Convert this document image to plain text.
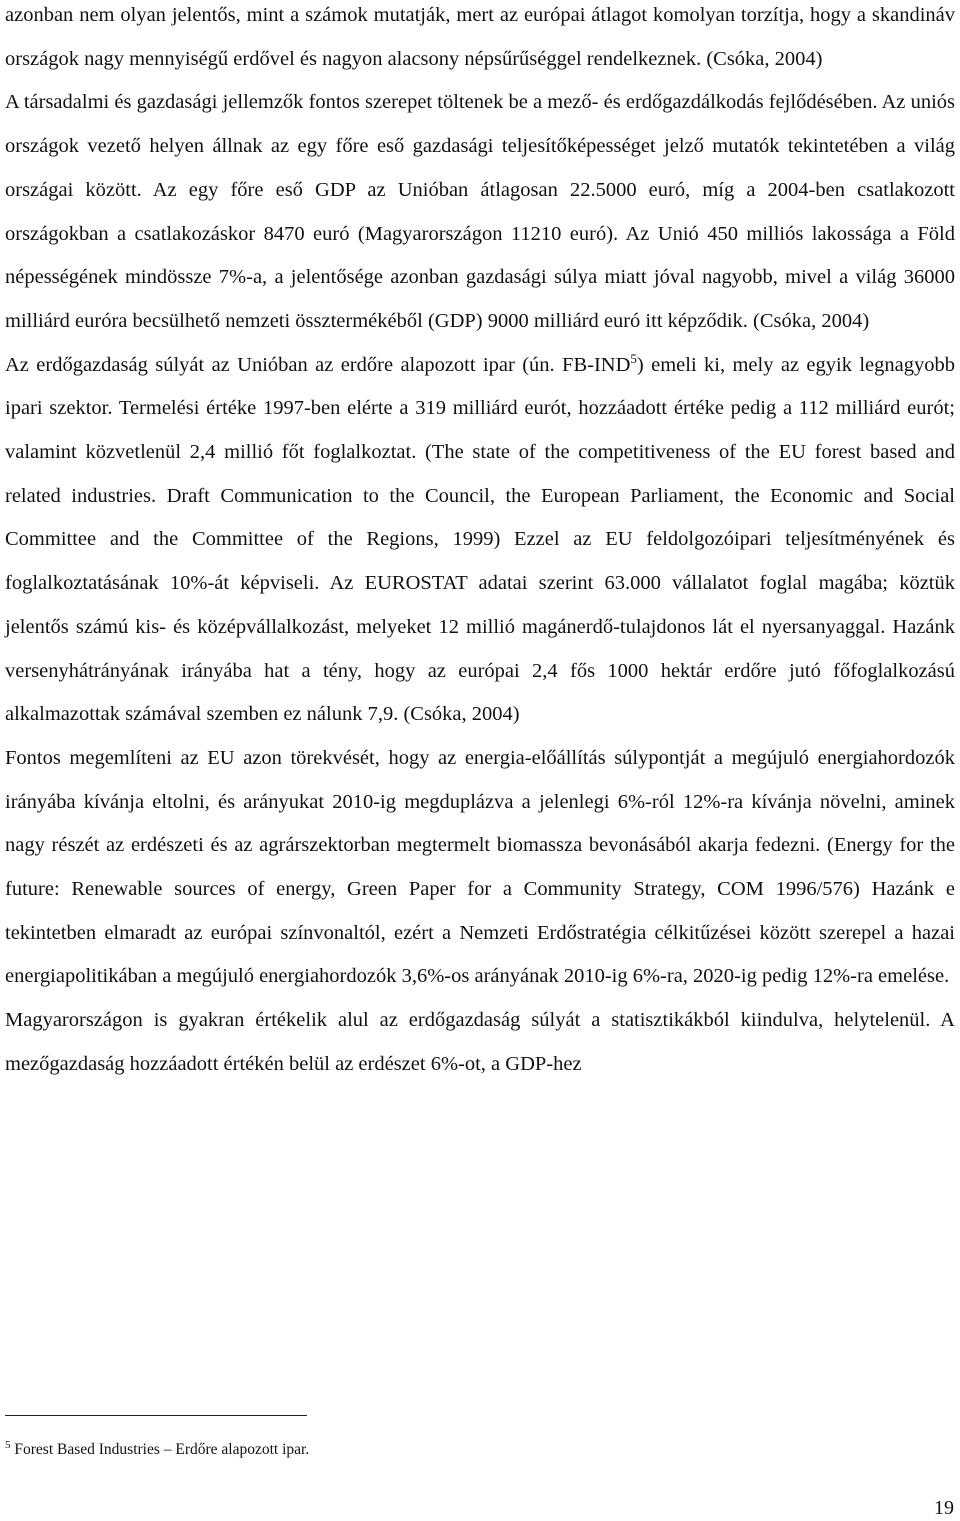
azonban nem olyan jelentős, mint a számok mutatják, mert az európai átlagot komolyan torzítja, hogy a skandináv országok nagy mennyiségű erdővel és nagyon alacsony népsűrűséggel rendelkeznek. (Csóka, 2004)

A társadalmi és gazdasági jellemzők fontos szerepet töltenek be a mező- és erdőgazdálkodás fejlődésében. Az uniós országok vezető helyen állnak az egy főre eső gazdasági teljesítőképességet jelző mutatók tekintetében a világ országai között. Az egy főre eső GDP az Unióban átlagosan 22.5000 euró, míg a 2004-ben csatlakozott országokban a csatlakozáskor 8470 euró (Magyarországon 11210 euró). Az Unió 450 milliós lakossága a Föld népességének mindössze 7%-a, a jelentősége azonban gazdasági súlya miatt jóval nagyobb, mivel a világ 36000 milliárd euróra becsülhető nemzeti össztermékéből (GDP) 9000 milliárd euró itt képződik. (Csóka, 2004)

Az erdőgazdaság súlyát az Unióban az erdőre alapozott ipar (ún. FB-IND$^5$) emeli ki, mely az egyik legnagyobb ipari szektor. Termelési értéke 1997-ben elérte a 319 milliárd eurót, hozzáadott értéke pedig a 112 milliárd eurót; valamint közvetlenül 2,4 millió főt foglalkoztat. (The state of the competitiveness of the EU forest based and related industries. Draft Communication to the Council, the European Parliament, the Economic and Social Committee and the Committee of the Regions, 1999) Ezzel az EU feldolgozóipari teljesítményének és foglalkoztatásának 10%-át képviseli. Az EUROSTAT adatai szerint 63.000 vállalatot foglal magába; köztük jelentős számú kis- és középvállalkozást, melyeket 12 millió magánerdő-tulajdonos lát el nyersanyaggal. Hazánk versenyhátrányának irányába hat a tény, hogy az európai 2,4 fős 1000 hektár erdőre jutó főfoglalkozású alkalmazottak számával szemben ez nálunk 7,9. (Csóka, 2004)

Fontos megemlíteni az EU azon törekvését, hogy az energia-előállítás súlypontját a megújuló energiahordozók irányába kívánja eltolni, és arányukat 2010-ig megduplázva a jelenlegi 6%-ról 12%-ra kívánja növelni, aminek nagy részét az erdészeti és az agrárszektorban megtermelt biomassza bevonásából akarja fedezni. (Energy for the future: Renewable sources of energy, Green Paper for a Community Strategy, COM 1996/576) Hazánk e tekintetben elmaradt az európai színvonaltól, ezért a Nemzeti Erdőstratégia célkitűzései között szerepel a hazai energiapolitikában a megújuló energiahordozók 3,6%-os arányának 2010-ig 6%-ra, 2020-ig pedig 12%-ra emelése.

Magyarországon is gyakran értékelik alul az erdőgazdaság súlyát a statisztikákból kiindulva, helytelenül. A mezőgazdaság hozzáadott értékén belül az erdészet 6%-ot, a GDP-hez

$^5$ Forest Based Industries – Erdőre alapozott ipar.
19
